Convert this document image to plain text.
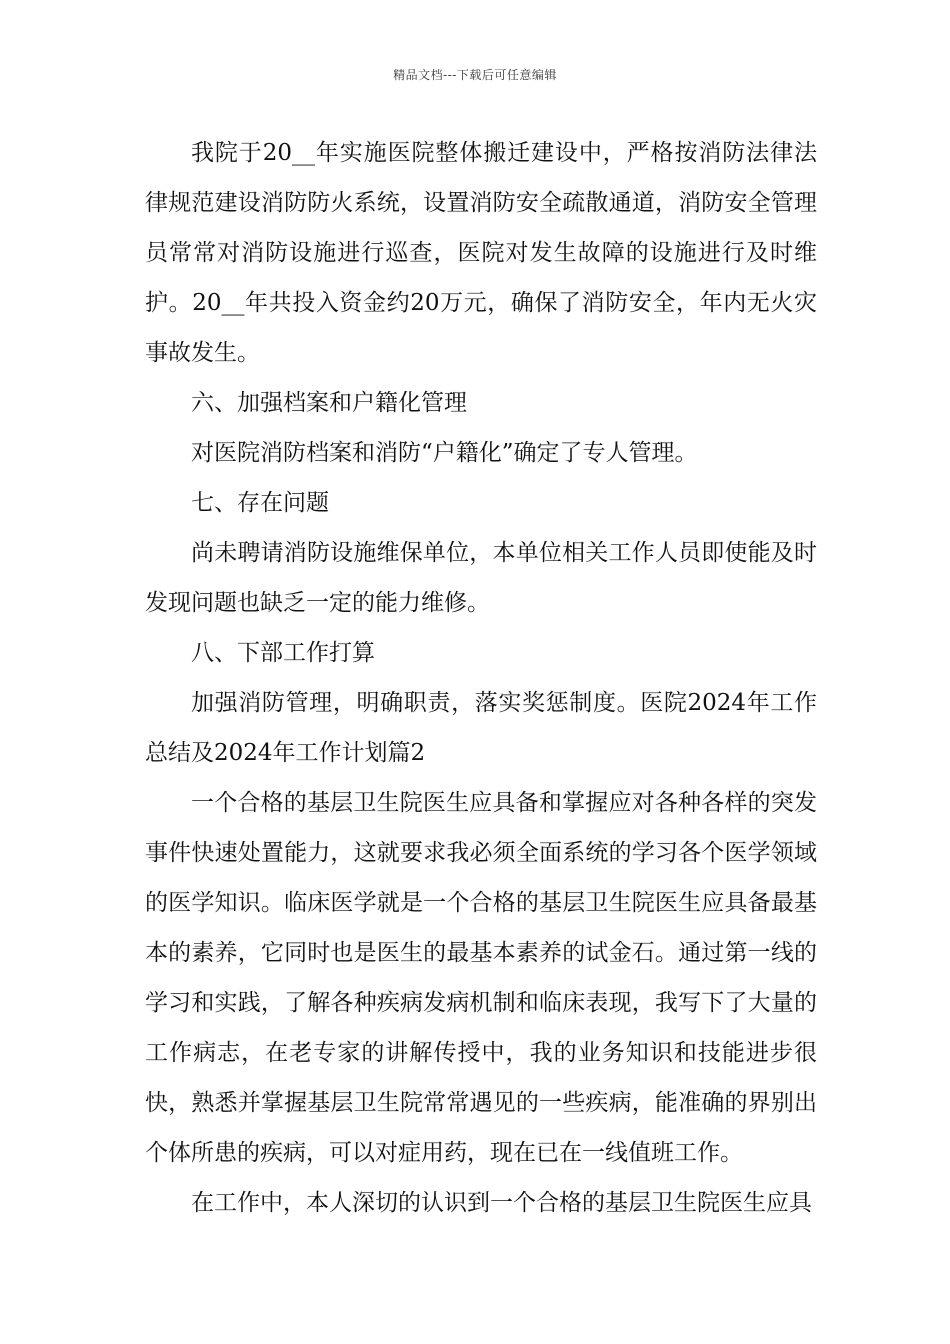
精品文档---下载后可任意编辑

我院于20__年实施医院整体搬迁建设中，严格按消防法律法律规范建设消防防火系统，设置消防安全疏散通道，消防安全管理员常常对消防设施进行巡查，医院对发生故障的设施进行及时维护。20__年共投入资金约20万元，确保了消防安全，年内无火灾事故发生。

六、加强档案和户籍化管理

对医院消防档案和消防“户籍化”确定了专人管理。

七、存在问题

尚未聘请消防设施维保单位，本单位相关工作人员即使能及时发现问题也缺乏一定的能力维修。

八、下部工作打算

加强消防管理，明确职责，落实奖惩制度。医院2024年工作总结及2024年工作计划篇2

一个合格的基层卫生院医生应具备和掌握应对各种各样的突发事件快速处置能力，这就要求我必须全面系统的学习各个医学领域的医学知识。临床医学就是一个合格的基层卫生院医生应具备最基本的素养，它同时也是医生的最基本素养的试金石。通过第一线的学习和实践，了解各种疾病发病机制和临床表现，我写下了大量的工作病志，在老专家的讲解传授中，我的业务知识和技能进步很快，熟悉并掌握基层卫生院常常遇见的一些疾病，能准确的界别出个体所患的疾病，可以对症用药，现在已在一线值班工作。

在工作中，本人深切的认识到一个合格的基层卫生院医生应具
